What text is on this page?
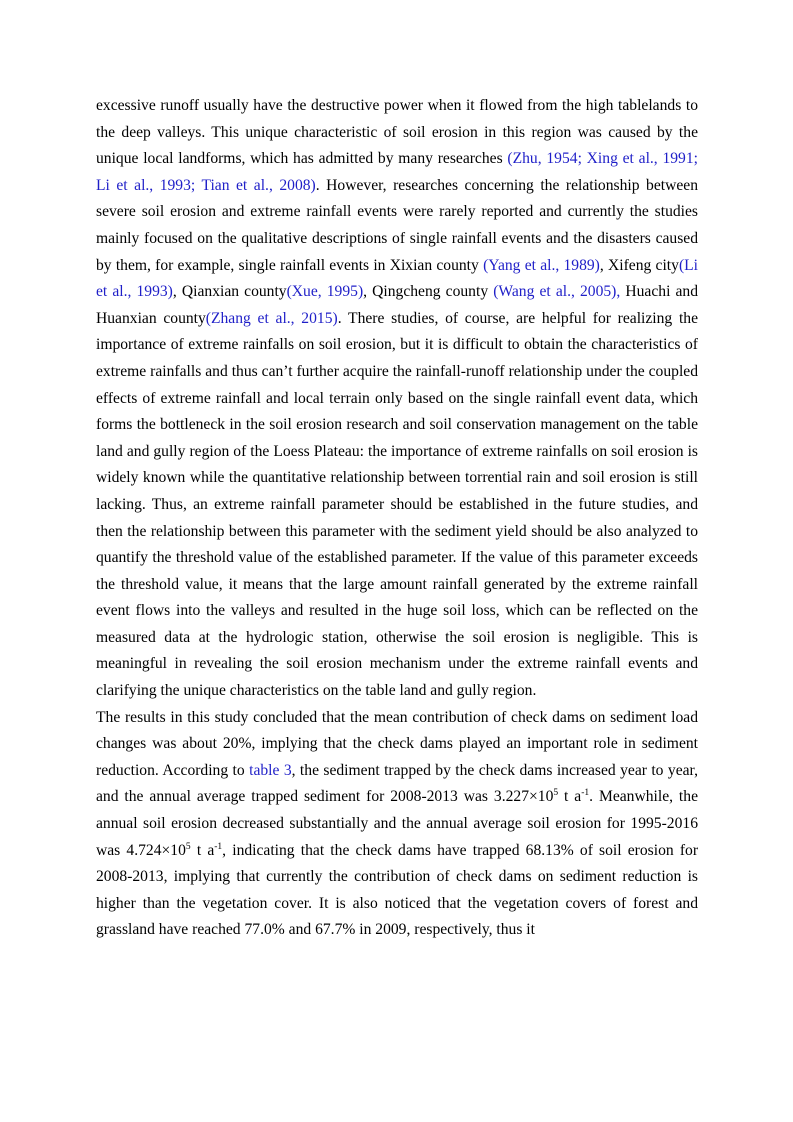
excessive runoff usually have the destructive power when it flowed from the high tablelands to the deep valleys. This unique characteristic of soil erosion in this region was caused by the unique local landforms, which has admitted by many researches (Zhu, 1954; Xing et al., 1991; Li et al., 1993; Tian et al., 2008). However, researches concerning the relationship between severe soil erosion and extreme rainfall events were rarely reported and currently the studies mainly focused on the qualitative descriptions of single rainfall events and the disasters caused by them, for example, single rainfall events in Xixian county (Yang et al., 1989), Xifeng city(Li et al., 1993), Qianxian county(Xue, 1995), Qingcheng county (Wang et al., 2005), Huachi and Huanxian county(Zhang et al., 2015). There studies, of course, are helpful for realizing the importance of extreme rainfalls on soil erosion, but it is difficult to obtain the characteristics of extreme rainfalls and thus can’t further acquire the rainfall-runoff relationship under the coupled effects of extreme rainfall and local terrain only based on the single rainfall event data, which forms the bottleneck in the soil erosion research and soil conservation management on the table land and gully region of the Loess Plateau: the importance of extreme rainfalls on soil erosion is widely known while the quantitative relationship between torrential rain and soil erosion is still lacking. Thus, an extreme rainfall parameter should be established in the future studies, and then the relationship between this parameter with the sediment yield should be also analyzed to quantify the threshold value of the established parameter. If the value of this parameter exceeds the threshold value, it means that the large amount rainfall generated by the extreme rainfall event flows into the valleys and resulted in the huge soil loss, which can be reflected on the measured data at the hydrologic station, otherwise the soil erosion is negligible. This is meaningful in revealing the soil erosion mechanism under the extreme rainfall events and clarifying the unique characteristics on the table land and gully region.

The results in this study concluded that the mean contribution of check dams on sediment load changes was about 20%, implying that the check dams played an important role in sediment reduction. According to table 3, the sediment trapped by the check dams increased year to year, and the annual average trapped sediment for 2008-2013 was $3.227\times 10^5$ t $a^{-1}$. Meanwhile, the annual soil erosion decreased substantially and the annual average soil erosion for 1995-2016 was $4.724\times 10^5$ t $a^{-1}$, indicating that the check dams have trapped 68.13% of soil erosion for 2008-2013, implying that currently the contribution of check dams on sediment reduction is higher than the vegetation cover. It is also noticed that the vegetation covers of forest and grassland have reached 77.0% and 67.7% in 2009, respectively, thus it
